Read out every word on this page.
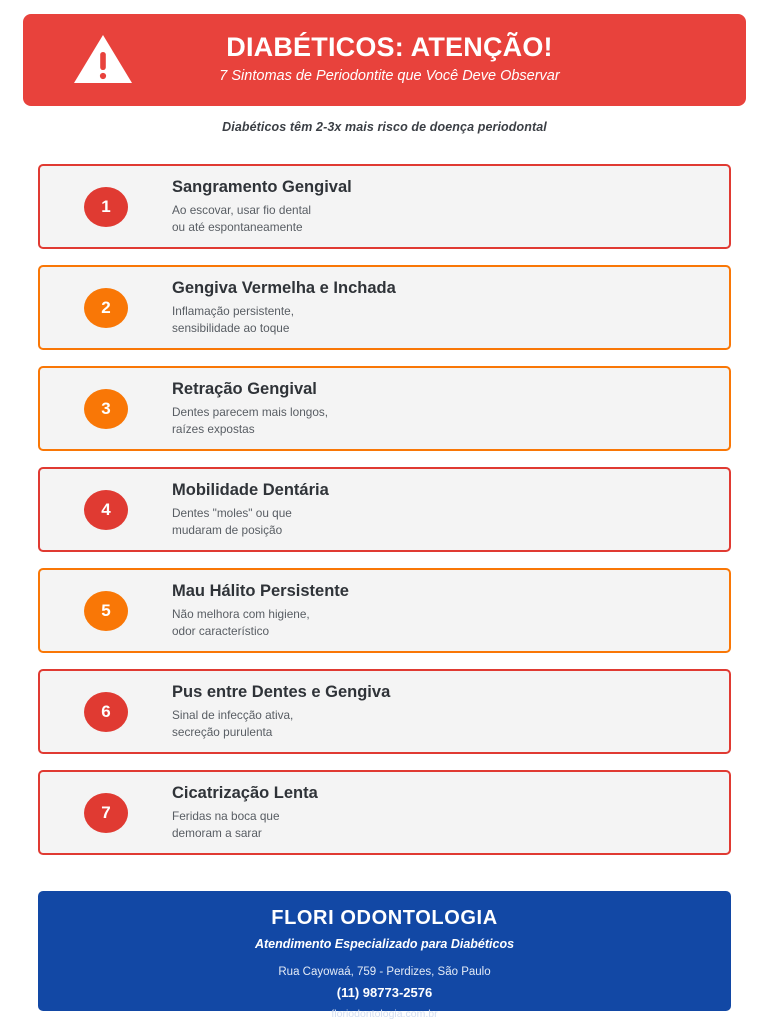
DIABÉTICOS: ATENÇÃO!
7 Sintomas de Periodontite que Você Deve Observar
Diabéticos têm 2-3x mais risco de doença periodontal
1
Sangramento Gengival
Ao escovar, usar fio dental
ou até espontaneamente
2
Gengiva Vermelha e Inchada
Inflamação persistente,
sensibilidade ao toque
3
Retração Gengival
Dentes parecem mais longos,
raízes expostas
4
Mobilidade Dentária
Dentes "moles" ou que
mudaram de posição
5
Mau Hálito Persistente
Não melhora com higiene,
odor característico
6
Pus entre Dentes e Gengiva
Sinal de infecção ativa,
secreção purulenta
7
Cicatrização Lenta
Feridas na boca que
demoram a sarar
FLORI ODONTOLOGIA
Atendimento Especializado para Diabéticos
Rua Cayowaá, 759 - Perdizes, São Paulo
(11) 98773-2576
floriodontologia.com.br
